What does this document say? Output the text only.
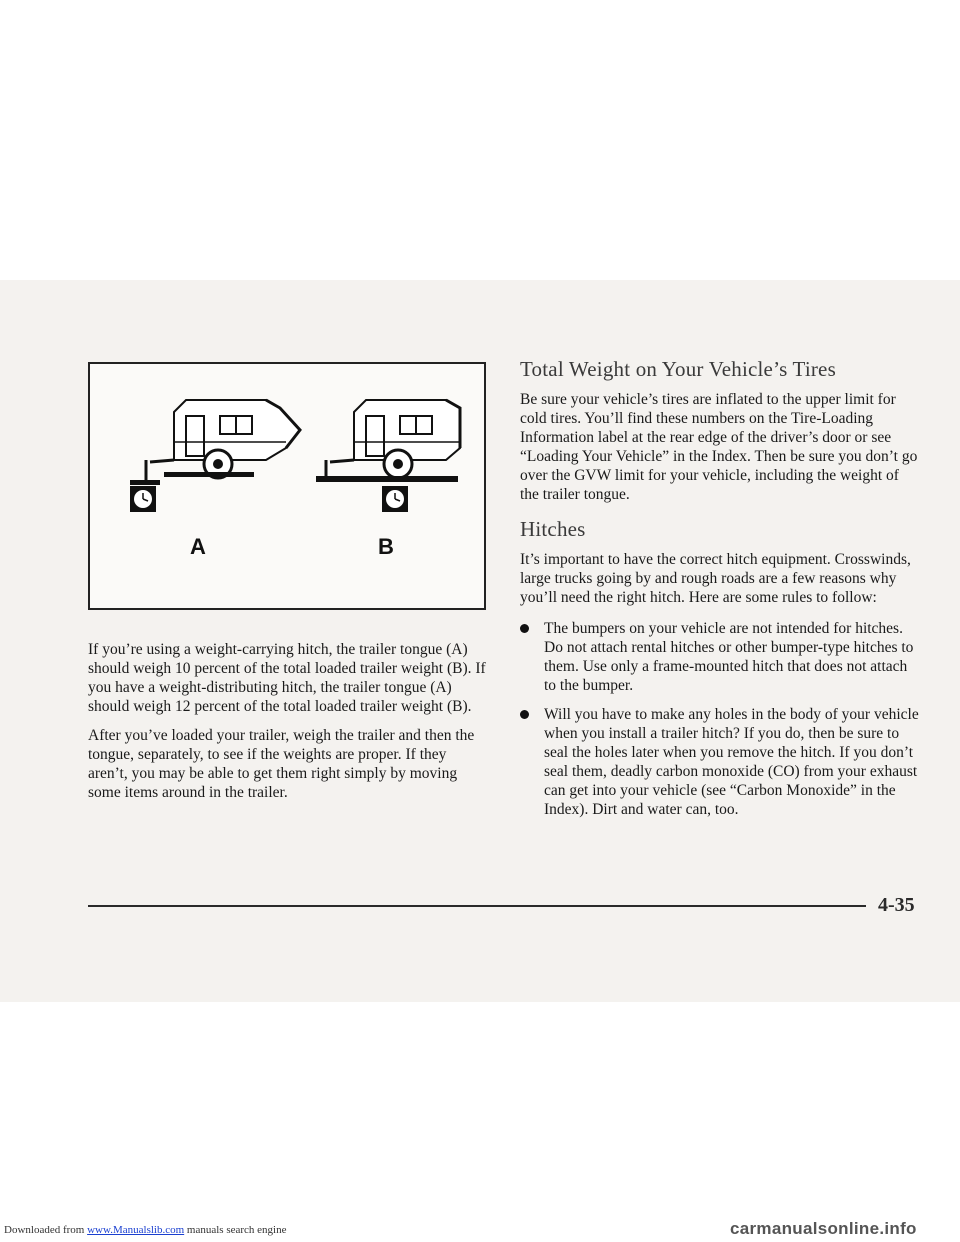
A	B

If you’re using a weight-carrying hitch, the trailer tongue (A) should weigh 10 percent of the total loaded trailer weight (B). If you have a weight-distributing hitch, the trailer tongue (A) should weigh 12 percent of the total loaded trailer weight (B).

After you’ve loaded your trailer, weigh the trailer and then the tongue, separately, to see if the weights are proper. If they aren’t, you may be able to get them right simply by moving some items around in the trailer.

Total Weight on Your Vehicle’s Tires

Be sure your vehicle’s tires are inflated to the upper limit for cold tires. You’ll find these numbers on the Tire-Loading Information label at the rear edge of the driver’s door or see “Loading Your Vehicle” in the Index. Then be sure you don’t go over the GVW limit for your vehicle, including the weight of the trailer tongue.

Hitches

It’s important to have the correct hitch equipment. Crosswinds, large trucks going by and rough roads are a few reasons why you’ll need the right hitch. Here are some rules to follow:

The bumpers on your vehicle are not intended for hitches. Do not attach rental hitches or other bumper-type hitches to them. Use only a frame-mounted hitch that does not attach to the bumper.
Will you have to make any holes in the body of your vehicle when you install a trailer hitch? If you do, then be sure to seal the holes later when you remove the hitch. If you don’t seal them, deadly carbon monoxide (CO) from your exhaust can get into your vehicle (see “Carbon Monoxide” in the Index). Dirt and water can, too.
4-35
Downloaded from www.Manualslib.com manuals search engine	carmanualsonline.info
